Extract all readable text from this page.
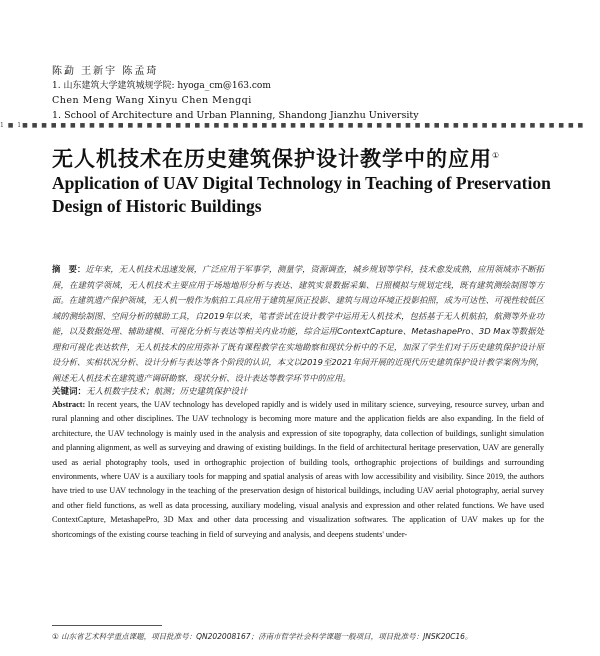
陈勐 王新宇 陈孟琦
1. 山东建筑大学建筑城规学院: hyoga_cm@163.com
Chen Meng Wang Xinyu Chen Mengqi
1. School of Architecture and Urban Planning, Shandong Jianzhu University
1 ■ 1■ ■ ■ ■ ■ ■ ■ ■ ■ ■ ■ ■ ■ ■ ■ ■ ■ ■ ■ ■ ■ ■ ■ ■ ■ ■ ■ ■ ■ ■ ■ ■ ■ ■ ■ ■ ■ ■ ■ ■ ■ ■ ■ ■ ■ ■ ■ ■ ■ ■ ■ ■ ■ ■ ■ ■ ■ ■ ■
无人机技术在历史建筑保护设计教学中的应用①
Application of UAV Digital Technology in Teaching of Preservation Design of Historic Buildings
摘　要：近年来，无人机技术迅速发展，广泛应用于军事学，测量学，资源调查，城乡规划等学科，技术愈发成熟，应用领域亦不断拓展，在建筑学领域，无人机技术主要应用于场地地形分析与表达、建筑实景数据采集、日照模拟与规划定线，既有建筑测绘制图等方面。在建筑遗产保护领域，无人机一般作为航拍工具应用于建筑屋顶正投影、建筑与周边环境正投影拍照，成为可达性、可视性较低区域的测绘制图、空间分析的辅助工具，自2019年以来，笔者尝试在设计教学中运用无人机技术，包括基于无人机航拍，航测等外业功能，以及数据处理、辅助建模、可视化分析与表达等相关内业功能，综合运用ContextCapture、MetashapePro、3D Max等数据处理和可视化表达软件，无人机技术的应用弥补了既有课程教学在实地勘察和现状分析中的不足，加深了学生们对于历史建筑保护设计原设分析、实相状况分析、设计分析与表达等各个阶段的认识，本文以2019至2021年间开展的近现代历史建筑保护设计教学案例为例，阐述无人机技术在建筑遗产调研勘察、现状分析、设计表达等教学环节中的应用。
关键词：无人机数字技术；航测；历史建筑保护设计
Abstract: In recent years, the UAV technology has developed rapidly and is widely used in military science, surveying, resource survey, urban and rural planning and other disciplines. The UAV technology is becoming more mature and the application fields are also expanding. In the field of architecture, the UAV technology is mainly used in the analysis and expression of site topography, data collection of buildings, sunlight simulation and planning alignment, as well as surveying and drawing of existing buildings. In the field of architectural heritage preservation, UAV are generally used as aerial photography tools, used in orthographic projection of building tools, orthographic projections of buildings and surrounding environments, where UAV is a auxiliary tools for mapping and spatial analysis of areas with low accessibility and visibility. Since 2019, the authors have tried to use UAV technology in the teaching of the preservation design of historical buildings, including UAV aerial photography, aerial survey and other field functions, as well as data processing, auxiliary modeling, visual analysis and expression and other related functions. We have used ContextCapture, MetashapePro, 3D Max and other data processing and visualization softwares. The application of UAV makes up for the shortcomings of the existing course teaching in field of surveying and analysis, and deepens students' under-
① 山东省艺术科学重点课题，项目批准号：QN202008167；济南市哲学社会科学课题一般项目，项目批准号：JNSK20C16。
